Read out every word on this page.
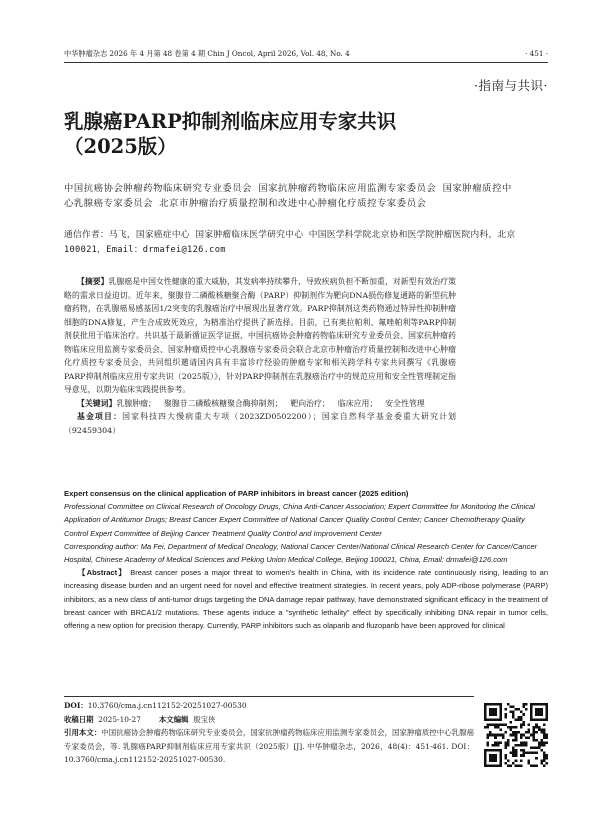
中华肿瘤杂志 2026 年 4 月第 48 卷第 4 期 Chin J Oncol, April 2026, Vol. 48, No. 4	· 451 ·
·指南与共识·
乳腺癌PARP抑制剂临床应用专家共识
（2025版）
中国抗癌协会肿瘤药物临床研究专业委员会 国家抗肿瘤药物临床应用监测专家委员会 国家肿瘤质控中心乳腺癌专家委员会 北京市肿瘤治疗质量控制和改进中心肿瘤化疗质控专家委员会
通信作者：马飞，国家癌症中心 国家肿瘤临床医学研究中心 中国医学科学院北京协和医学院肿瘤医院内科，北京 100021，Email：drmafei@126.com

【摘要】乳腺癌是中国女性健康的重大威胁，其发病率持续攀升，导致疾病负担不断加重，对新型有效治疗策略的需求日益迫切。近年来，聚腺苷二磷酸核糖聚合酶（PARP）抑制剂作为靶向DNA损伤修复通路的新型抗肿瘤药物，在乳腺癌易感基因1/2突变的乳腺癌治疗中展现出显著疗效。PARP抑制剂这类药物通过特异性抑制肿瘤细胞的DNA修复，产生合成致死效应，为精准治疗提供了新选择。目前，已有奥拉帕利、氟唑帕利等PARP抑制剂获批用于临床治疗。共识基于最新循证医学证据，中国抗癌协会肿瘤药物临床研究专业委员会、国家抗肿瘤药物临床应用监测专家委员会、国家肿瘤质控中心乳腺癌专家委员会联合北京市肿瘤治疗质量控制和改进中心肿瘤化疗质控专家委员会，共同组织邀请国内具有丰富诊疗经验的肿瘤专家和相关跨学科专家共同撰写《乳腺癌PARP抑制剂临床应用专家共识（2025版）》，针对PARP抑制剂在乳腺癌治疗中的规范应用和安全性管理制定指导意见，以期为临床实践提供参考。

【关键词】乳腺肿瘤； 聚腺苷二磷酸核糖聚合酶抑制剂； 靶向治疗； 临床应用； 安全性管理

基金项目：国家科技四大慢病重大专项（2023ZD0502200）；国家自然科学基金委重大研究计划（92459304）

Expert consensus on the clinical application of PARP inhibitors in breast cancer (2025 edition)
Professional Committee on Clinical Research of Oncology Drugs, China Anti-Cancer Association; Expert Committee for Monitoring the Clinical Application of Antitumor Drugs; Breast Cancer Expert Committee of National Cancer Quality Control Center; Cancer Chemotherapy Quality Control Expert Committee of Beijing Cancer Treatment Quality Control and Improvement Center
Corresponding author: Ma Fei, Department of Medical Oncology, National Cancer Center/National Clinical Research Center for Cancer/Cancer Hospital, Chinese Academy of Medical Sciences and Peking Union Medical College, Beijing 100021, China, Email: drmafei@126.com
【Abstract】 Breast cancer poses a major threat to women's health in China, with its incidence rate continuously rising, leading to an increasing disease burden and an urgent need for novel and effective treatment strategies. In recent years, poly ADP-ribose polymerase (PARP) inhibitors, as a new class of anti-tumor drugs targeting the DNA damage repair pathway, have demonstrated significant efficacy in the treatment of breast cancer with BRCA1/2 mutations. These agents induce a "synthetic lethality" effect by specifically inhibiting DNA repair in tumor cells, offering a new option for precision therapy. Currently, PARP inhibitors such as olaparib and fluzoparib have been approved for clinical
DOI：10.3760/cma.j.cn112152-20251027-00530
收稿日期 2025-10-27 本文编辑 殷宝侠
引用本文：中国抗癌协会肿瘤药物临床研究专业委员会，国家抗肿瘤药物临床应用监测专家委员会，国家肿瘤质控中心乳腺癌专家委员会，等. 乳腺癌PARP抑制剂临床应用专家共识（2025版）[J]. 中华肿瘤杂志，2026，48(4)：451-461. DOI：10.3760/cma.j.cn112152-20251027-00530.
